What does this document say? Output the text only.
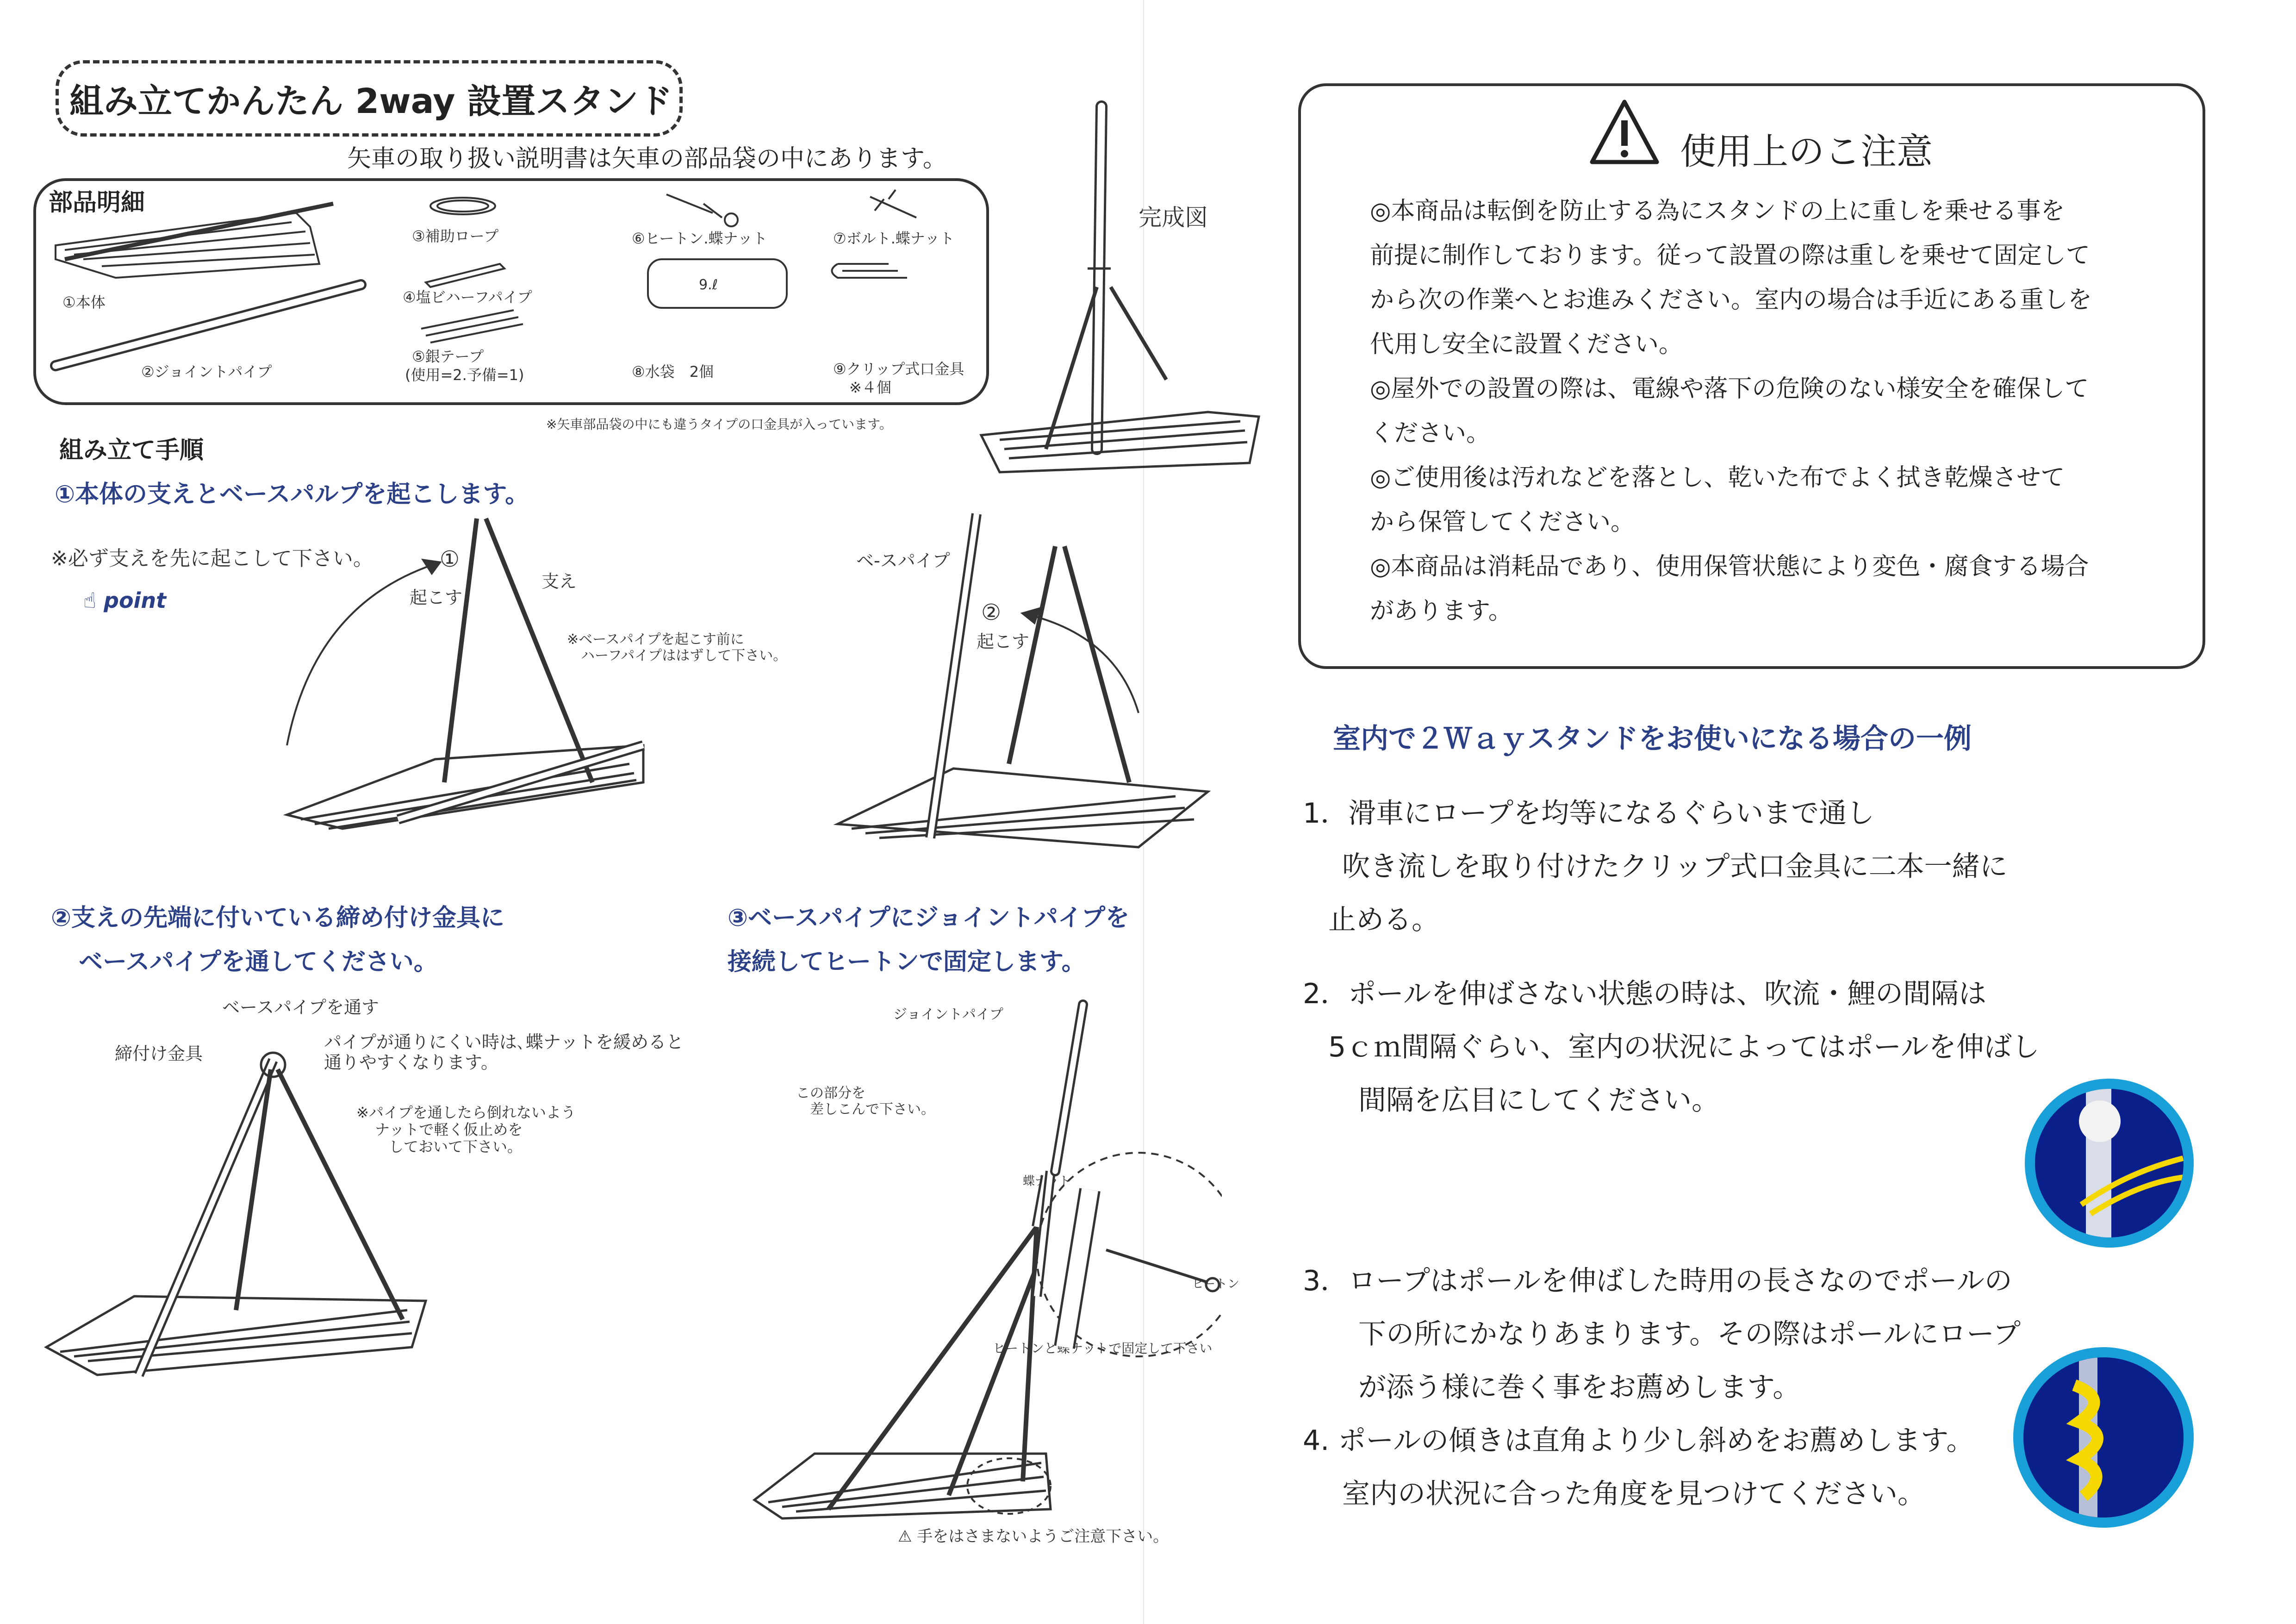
組み立てかんたん 2way 設置スタンド
矢車の取り扱い説明書は矢車の部品袋の中にあります。
部品明細
9.ℓ
①本体
②ジョイントパイプ
③補助ロープ
④塩ビハーフパイプ
⑤銀テープ
(使用=2.予備=1)
⑥ヒートン.蝶ナット	⑦ボルト.蝶ナット
⑧水袋　2個	⑨クリップ式口金具
※４個
※矢車部品袋の中にも違うタイプの口金具が入っています。
完成図
組み立て手順
①本体の支えとベースパルプを起こします。
※必ず支えを先に起こして下さい。
☝ point
①
起こす
支え
※ベースパイプを起こす前に
ハーフパイプははずして下さい。
ベ-スパイプ
②
起こす
②支えの先端に付いている締め付け金具に
ベースパイプを通してください。
ベースパイプを通す
締付け金具
パイプが通りにくい時は､蝶ナットを緩めると
通りやすくなります。
※パイプを通したら倒れないよう
ナットで軽く仮止めを
しておいて下さい。
③ベースパイプにジョイントパイプを
接続してヒートンで固定します。
ジョイントパイプ
この部分を
差しこんで下さい。
蝶ナット
ヒートン
ヒートンと蝶ナットで固定して下さい
⚠ 手をはさまないようご注意下さい。
使用上のこ注意

◎本商品は転倒を防止する為にスタンドの上に重しを乗せる事を

前提に制作しております。従って設置の際は重しを乗せて固定して

から次の作業へとお進みください。室内の場合は手近にある重しを

代用し安全に設置ください。

◎屋外での設置の際は、電線や落下の危険のない様安全を確保して

ください。

◎ご使用後は汚れなどを落とし、乾いた布でよく拭き乾燥させて

から保管してください。

◎本商品は消耗品であり、使用保管状態により変色・腐食する場合

があります。

室内で２Ｗａｙスタンドをお使いになる場合の一例
1．滑車にロープを均等になるぐらいまで通し
吹き流しを取り付けたクリップ式口金具に二本一緒に
止める。
2．ポールを伸ばさない状態の時は、吹流・鯉の間隔は
5ｃｍ間隔ぐらい、室内の状況によってはポールを伸ばし
間隔を広目にしてください。
3．ロープはポールを伸ばした時用の長さなのでポールの
下の所にかなりあまります。その際はポールにロープ
が添う様に巻く事をお薦めします。
4. ポールの傾きは直角より少し斜めをお薦めします。
室内の状況に合った角度を見つけてください。
